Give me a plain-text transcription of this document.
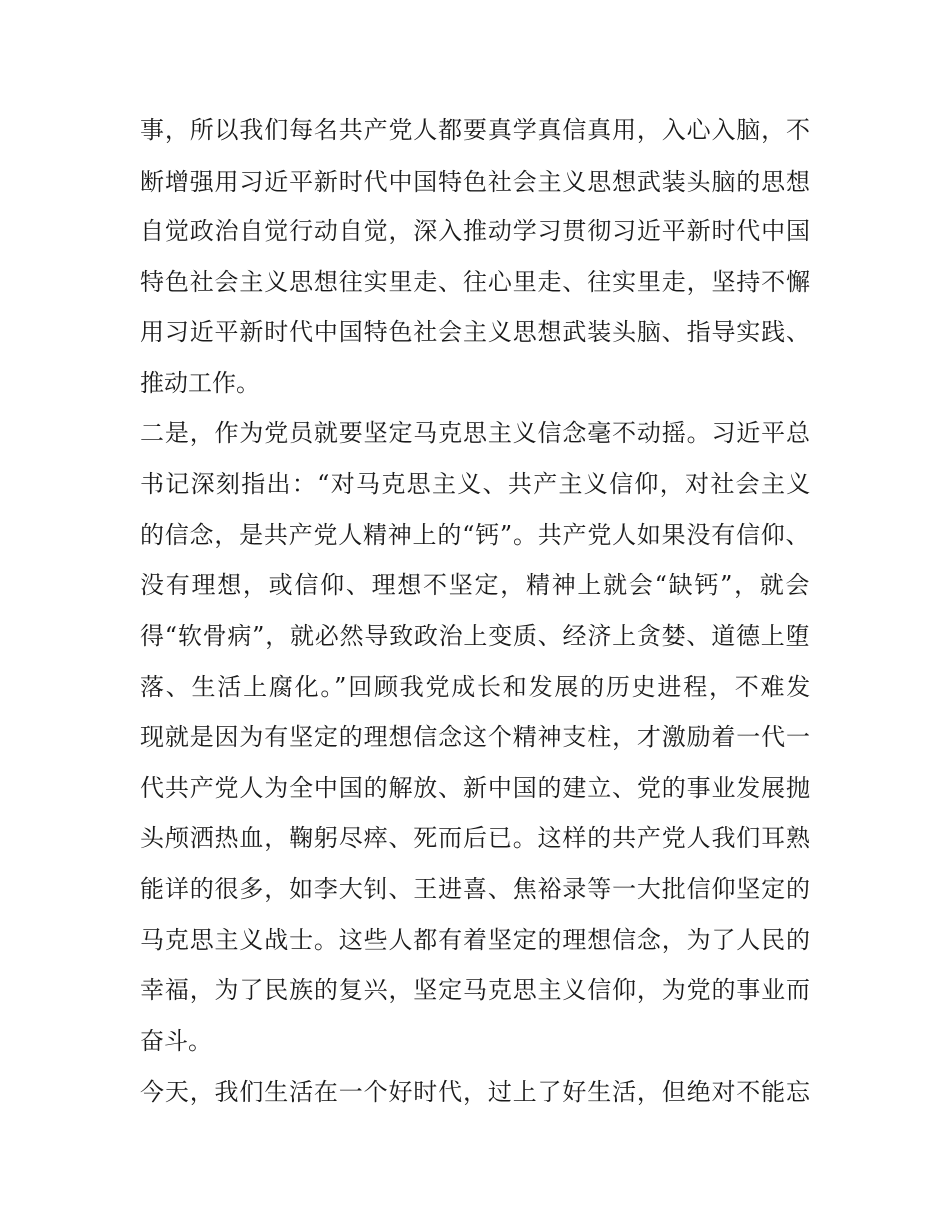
事，所以我们每名共产党人都要真学真信真用，入心入脑，不
断增强用习近平新时代中国特色社会主义思想武装头脑的思想
自觉政治自觉行动自觉，深入推动学习贯彻习近平新时代中国
特色社会主义思想往实里走、往心里走、往实里走，坚持不懈
用习近平新时代中国特色社会主义思想武装头脑、指导实践、
推动工作。
二是，作为党员就要坚定马克思主义信念毫不动摇。习近平总
书记深刻指出：“对马克思主义、共产主义信仰，对社会主义
的信念，是共产党人精神上的“钙”。共产党人如果没有信仰、
没有理想，或信仰、理想不坚定，精神上就会“缺钙”，就会
得“软骨病”，就必然导致政治上变质、经济上贪婪、道德上堕
落、生活上腐化。”回顾我党成长和发展的历史进程，不难发
现就是因为有坚定的理想信念这个精神支柱，才激励着一代一
代共产党人为全中国的解放、新中国的建立、党的事业发展抛
头颅洒热血，鞠躬尽瘁、死而后已。这样的共产党人我们耳熟
能详的很多，如李大钊、王进喜、焦裕录等一大批信仰坚定的
马克思主义战士。这些人都有着坚定的理想信念，为了人民的
幸福，为了民族的复兴，坚定马克思主义信仰，为党的事业而
奋斗。
今天，我们生活在一个好时代，过上了好生活，但绝对不能忘
